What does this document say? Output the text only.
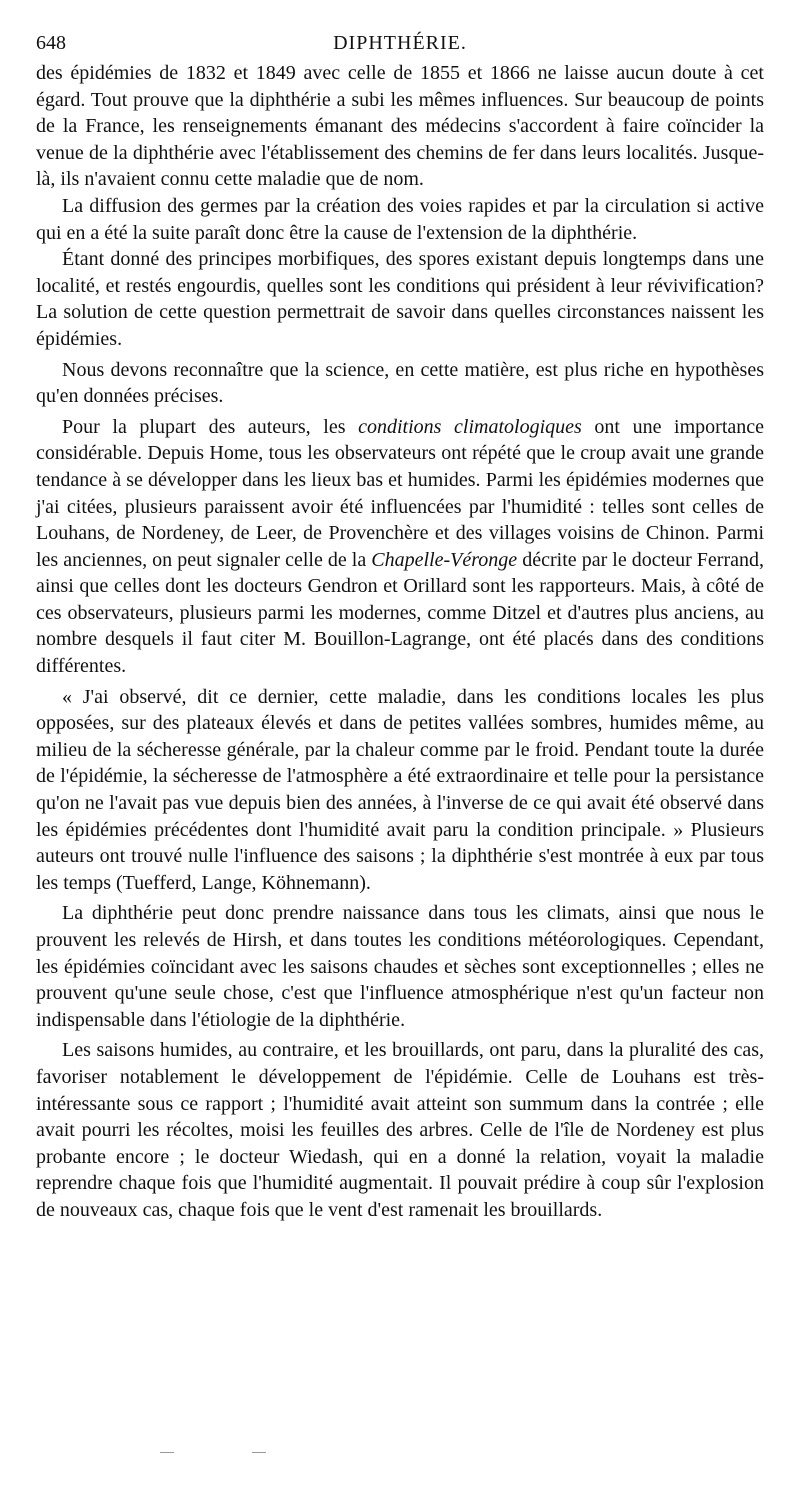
648	DIPHTHÉRIE.

des épidémies de 1832 et 1849 avec celle de 1855 et 1866 ne laisse aucun doute à cet égard. Tout prouve que la diphthérie a subi les mêmes influences. Sur beaucoup de points de la France, les renseignements émanant des médecins s'accordent à faire coïncider la venue de la diphthérie avec l'établissement des chemins de fer dans leurs localités. Jusque-là, ils n'avaient connu cette maladie que de nom.

La diffusion des germes par la création des voies rapides et par la circulation si active qui en a été la suite paraît donc être la cause de l'extension de la diphthérie.

Étant donné des principes morbifiques, des spores existant depuis longtemps dans une localité, et restés engourdis, quelles sont les conditions qui président à leur révivification? La solution de cette question permettrait de savoir dans quelles circonstances naissent les épidémies.

Nous devons reconnaître que la science, en cette matière, est plus riche en hypothèses qu'en données précises.

Pour la plupart des auteurs, les conditions climatologiques ont une importance considérable. Depuis Home, tous les observateurs ont répété que le croup avait une grande tendance à se développer dans les lieux bas et humides. Parmi les épidémies modernes que j'ai citées, plusieurs paraissent avoir été influencées par l'humidité : telles sont celles de Louhans, de Nordeney, de Leer, de Provenchère et des villages voisins de Chinon. Parmi les anciennes, on peut signaler celle de la Chapelle-Véronge décrite par le docteur Ferrand, ainsi que celles dont les docteurs Gendron et Orillard sont les rapporteurs. Mais, à côté de ces observateurs, plusieurs parmi les modernes, comme Ditzel et d'autres plus anciens, au nombre desquels il faut citer M. Bouillon-Lagrange, ont été placés dans des conditions différentes.

« J'ai observé, dit ce dernier, cette maladie, dans les conditions locales les plus opposées, sur des plateaux élevés et dans de petites vallées sombres, humides même, au milieu de la sécheresse générale, par la chaleur comme par le froid. Pendant toute la durée de l'épidémie, la sécheresse de l'atmosphère a été extraordinaire et telle pour la persistance qu'on ne l'avait pas vue depuis bien des années, à l'inverse de ce qui avait été observé dans les épidémies précédentes dont l'humidité avait paru la condition principale. » Plusieurs auteurs ont trouvé nulle l'influence des saisons ; la diphthérie s'est montrée à eux par tous les temps (Tuefferd, Lange, Köhnemann).

La diphthérie peut donc prendre naissance dans tous les climats, ainsi que nous le prouvent les relevés de Hirsh, et dans toutes les conditions météorologiques. Cependant, les épidémies coïncidant avec les saisons chaudes et sèches sont exceptionnelles ; elles ne prouvent qu'une seule chose, c'est que l'influence atmosphérique n'est qu'un facteur non indispensable dans l'étiologie de la diphthérie.

Les saisons humides, au contraire, et les brouillards, ont paru, dans la pluralité des cas, favoriser notablement le développement de l'épidémie. Celle de Louhans est très-intéressante sous ce rapport ; l'humidité avait atteint son summum dans la contrée ; elle avait pourri les récoltes, moisi les feuilles des arbres. Celle de l'île de Nordeney est plus probante encore ; le docteur Wiedash, qui en a donné la relation, voyait la maladie reprendre chaque fois que l'humidité augmentait. Il pouvait prédire à coup sûr l'explosion de nouveaux cas, chaque fois que le vent d'est ramenait les brouillards.
